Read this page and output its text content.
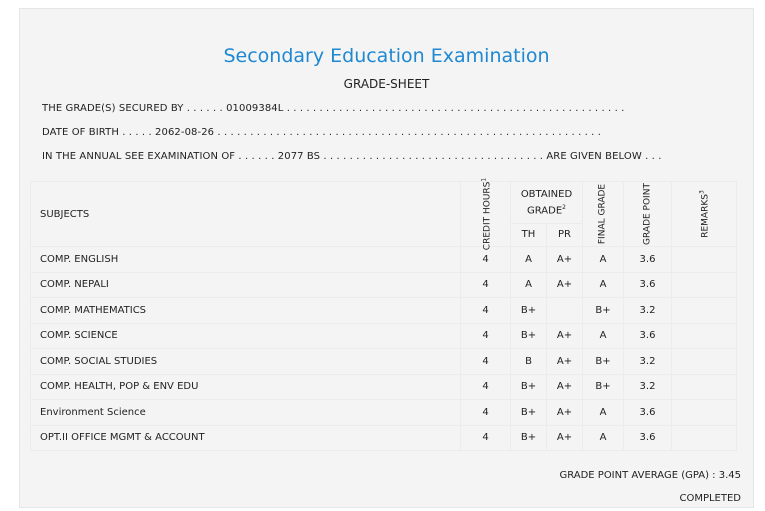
Secondary Education Examination
GRADE-SHEET
THE GRADE(S) SECURED BY . . . . . . 01009384L . . . . . . . . . . . . . . . . . . . . . . . . . . . . . . . . . . . . . . . . . . . . . . . . . . . .
DATE OF BIRTH . . . . . 2062-08-26 . . . . . . . . . . . . . . . . . . . . . . . . . . . . . . . . . . . . . . . . . . . . . . . . . . . . . . . . . . .
IN THE ANNUAL SEE EXAMINATION OF . . . . . . 2077 BS . . . . . . . . . . . . . . . . . . . . . . . . . . . . . . . . . . ARE GIVEN BELOW . . .
SUBJECTS	CREDIT HOURS$^1$	OBTAINED GRADE$^2$		FINAL GRADE	GRADE POINT	REMARKS$^3$

		TH	PR			
COMP. ENGLISH	4	A	A+	A	3.6	
COMP. NEPALI	4	A	A+	A	3.6	
COMP. MATHEMATICS	4	B+		B+	3.2	
COMP. SCIENCE	4	B+	A+	A	3.6	
COMP. SOCIAL STUDIES	4	B	A+	B+	3.2	
COMP. HEALTH, POP & ENV EDU	4	B+	A+	B+	3.2	
Environment Science	4	B+	A+	A	3.6	
OPT.II OFFICE MGMT & ACCOUNT	4	B+	A+	A	3.6	
GRADE POINT AVERAGE (GPA) : 3.45
COMPLETED
